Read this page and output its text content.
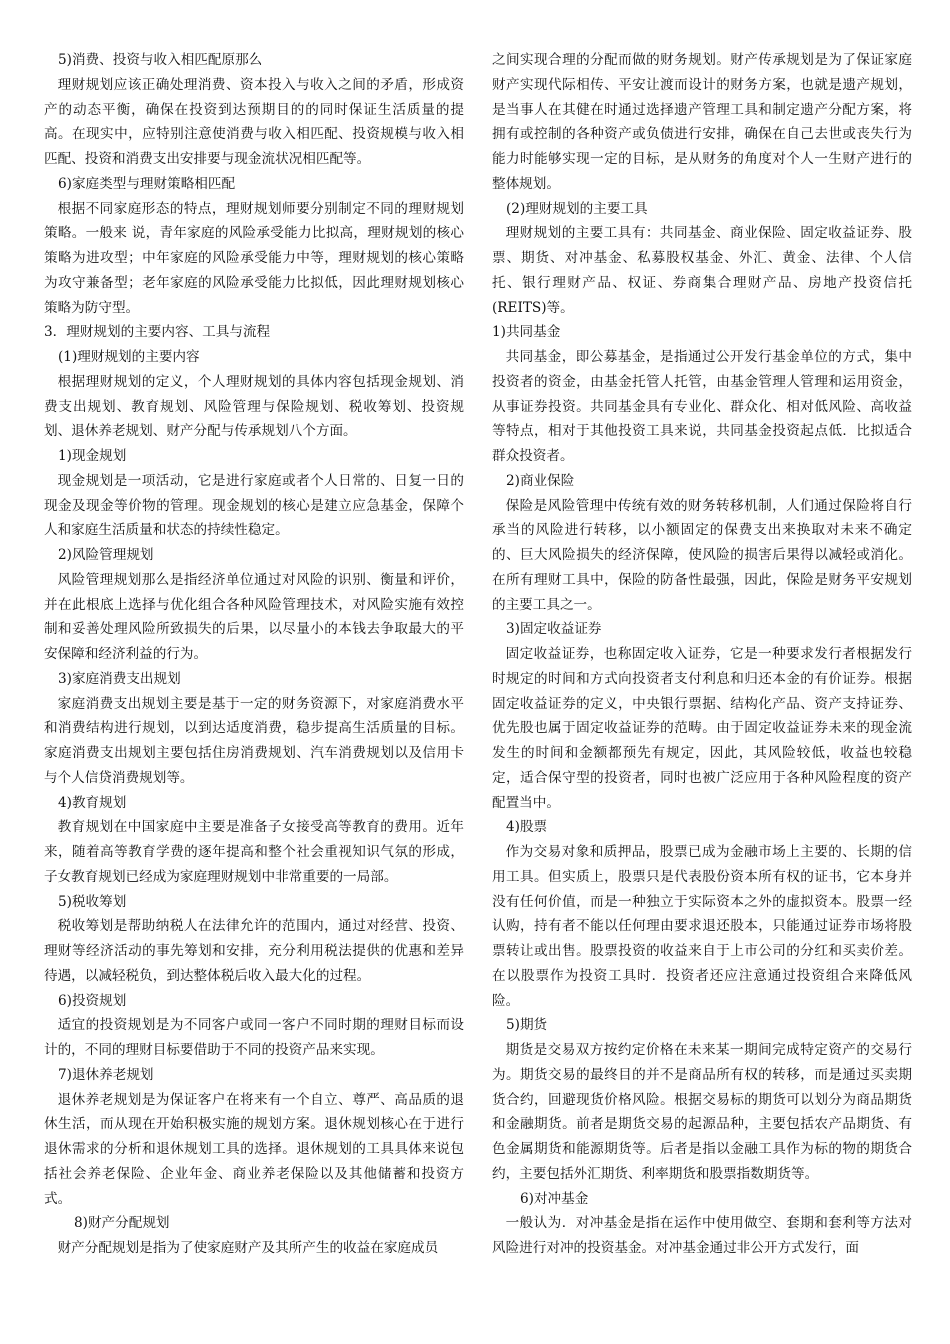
5)消费、投资与收入相匹配原那么

理财规划应该正确处理消费、资本投入与收入之间的矛盾，形成资产的动态平衡，确保在投资到达预期目的的同时保证生活质量的提高。在现实中，应特别注意使消费与收入相匹配、投资规模与收入相匹配、投资和消费支出安排要与现金流状况相匹配等。

6)家庭类型与理财策略相匹配

根据不同家庭形态的特点，理财规划师要分别制定不同的理财规划策略。一般来 说，青年家庭的风险承受能力比拟高，理财规划的核心策略为进攻型；中年家庭的风险承受能力中等，理财规划的核心策略为攻守兼备型；老年家庭的风险承受能力比拟低，因此理财规划核心策略为防守型。

3．理财规划的主要内容、工具与流程
(1)理财规划的主要内容

根据理财规划的定义，个人理财规划的具体内容包括现金规划、消费支出规划、教育规划、风险管理与保险规划、税收筹划、投资规划、退休养老规划、财产分配与传承规划八个方面。

1)现金规划

现金规划是一项活动，它是进行家庭或者个人日常的、日复一日的现金及现金等价物的管理。现金规划的核心是建立应急基金，保障个人和家庭生活质量和状态的持续性稳定。

2)风险管理规划

风险管理规划那么是指经济单位通过对风险的识别、衡量和评价，并在此根底上选择与优化组合各种风险管理技术，对风险实施有效控制和妥善处理风险所致损失的后果，以尽量小的本钱去争取最大的平安保障和经济利益的行为。

3)家庭消费支出规划

家庭消费支出规划主要是基于一定的财务资源下，对家庭消费水平和消费结构进行规划，以到达适度消费，稳步提高生活质量的目标。家庭消费支出规划主要包括住房消费规划、汽车消费规划以及信用卡与个人信贷消费规划等。

4)教育规划

教育规划在中国家庭中主要是准备子女接受高等教育的费用。近年来，随着高等教育学费的逐年提高和整个社会重视知识气氛的形成，子女教育规划已经成为家庭理财规划中非常重要的一局部。

5)税收筹划

税收筹划是帮助纳税人在法律允许的范围内，通过对经营、投资、理财等经济活动的事先筹划和安排，充分利用税法提供的优惠和差异待遇，以减轻税负，到达整体税后收入最大化的过程。

6)投资规划

适宜的投资规划是为不同客户或同一客户不同时期的理财目标而设计的，不同的理财目标要借助于不同的投资产品来实现。

7)退休养老规划

退休养老规划是为保证客户在将来有一个自立、尊严、高品质的退休生活，而从现在开始积极实施的规划方案。退休规划核心在于进行退休需求的分析和退休规划工具的选择。退休规划的工具具体来说包括社会养老保险、企业年金、商业养老保险以及其他储蓄和投资方式。

8)财产分配规划

财产分配规划是指为了使家庭财产及其所产生的收益在家庭成员

之间实现合理的分配而做的财务规划。财产传承规划是为了保证家庭财产实现代际相传、平安让渡而设计的财务方案，也就是遗产规划，是当事人在其健在时通过选择遗产管理工具和制定遗产分配方案，将拥有或控制的各种资产或负债进行安排，确保在自己去世或丧失行为能力时能够实现一定的目标，是从财务的角度对个人一生财产进行的整体规划。

(2)理财规划的主要工具

理财规划的主要工具有：共同基金、商业保险、固定收益证券、股票、期货、对冲基金、私募股权基金、外汇、黄金、法律、个人信托、银行理财产品、权证、券商集合理财产品、房地产投资信托(REITS)等。

1)共同基金

共同基金，即公募基金，是指通过公开发行基金单位的方式，集中投资者的资金，由基金托管人托管，由基金管理人管理和运用资金，从事证券投资。共同基金具有专业化、群众化、相对低风险、高收益等特点，相对于其他投资工具来说，共同基金投资起点低．比拟适合群众投资者。

2)商业保险

保险是风险管理中传统有效的财务转移机制，人们通过保险将自行承当的风险进行转移，以小额固定的保费支出来换取对未来不确定的、巨大风险损失的经济保障，使风险的损害后果得以减轻或消化。在所有理财工具中，保险的防备性最强，因此，保险是财务平安规划的主要工具之一。

3)固定收益证券

固定收益证券，也称固定收入证券，它是一种要求发行者根据发行时规定的时间和方式向投资者支付利息和归还本金的有价证券。根据固定收益证券的定义，中央银行票据、结构化产品、资产支持证券、优先股也属于固定收益证券的范畴。由于固定收益证券未来的现金流发生的时间和金额都预先有规定，因此，其风险较低，收益也较稳定，适合保守型的投资者，同时也被广泛应用于各种风险程度的资产配置当中。

4)股票

作为交易对象和质押品，股票已成为金融市场上主要的、长期的信用工具。但实质上，股票只是代表股份资本所有权的证书，它本身并没有任何价值，而是一种独立于实际资本之外的虚拟资本。股票一经认购，持有者不能以任何理由要求退还股本，只能通过证券市场将股票转让或出售。股票投资的收益来自于上市公司的分红和买卖价差。在以股票作为投资工具时．投资者还应注意通过投资组合来降低风险。

5)期货

期货是交易双方按约定价格在未来某一期间完成特定资产的交易行为。期货交易的最终目的并不是商品所有权的转移，而是通过买卖期货合约，回避现货价格风险。根据交易标的期货可以划分为商品期货和金融期货。前者是期货交易的起源品种，主要包括农产品期货、有色金属期货和能源期货等。后者是指以金融工具作为标的物的期货合约，主要包括外汇期货、利率期货和股票指数期货等。

6)对冲基金

一般认为．对冲基金是指在运作中使用做空、套期和套利等方法对风险进行对冲的投资基金。对冲基金通过非公开方式发行，面
